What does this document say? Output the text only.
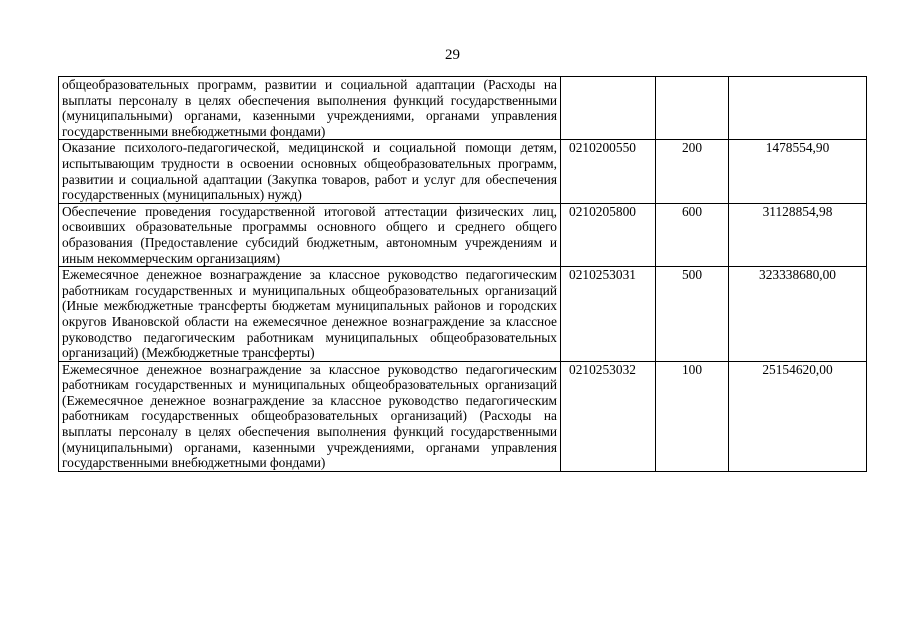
29
общеобразовательных программ, развитии и социальной адаптации (Расходы на выплаты персоналу в целях обеспечения выполнения функций государственными (муниципальными) органами, казенными учреждениями, органами управления государственными внебюджетными фондами)			
Оказание психолого-педагогической, медицинской и социальной помощи детям, испытывающим трудности в освоении основных общеобразовательных программ, развитии и социальной адаптации (Закупка товаров, работ и услуг для обеспечения государственных (муниципальных) нужд)	0210200550	200	1478554,90
Обеспечение проведения государственной итоговой аттестации физических лиц, освоивших образовательные программы основного общего и среднего общего образования (Предоставление субсидий бюджетным, автономным учреждениям и иным некоммерческим организациям)	0210205800	600	31128854,98
Ежемесячное денежное вознаграждение за классное руководство педагогическим работникам государственных и муниципальных общеобразовательных организаций (Иные межбюджетные трансферты бюджетам муниципальных районов и городских округов Ивановской области на ежемесячное денежное вознаграждение за классное руководство педагогическим работникам муниципальных общеобразовательных организаций) (Межбюджетные трансферты)	0210253031	500	323338680,00
Ежемесячное денежное вознаграждение за классное руководство педагогическим работникам государственных и муниципальных общеобразовательных организаций (Ежемесячное денежное вознаграждение за классное руководство педагогическим работникам государственных общеобразовательных организаций) (Расходы на выплаты персоналу в целях обеспечения выполнения функций государственными (муниципальными) органами, казенными учреждениями, органами управления государственными внебюджетными фондами)	0210253032	100	25154620,00
